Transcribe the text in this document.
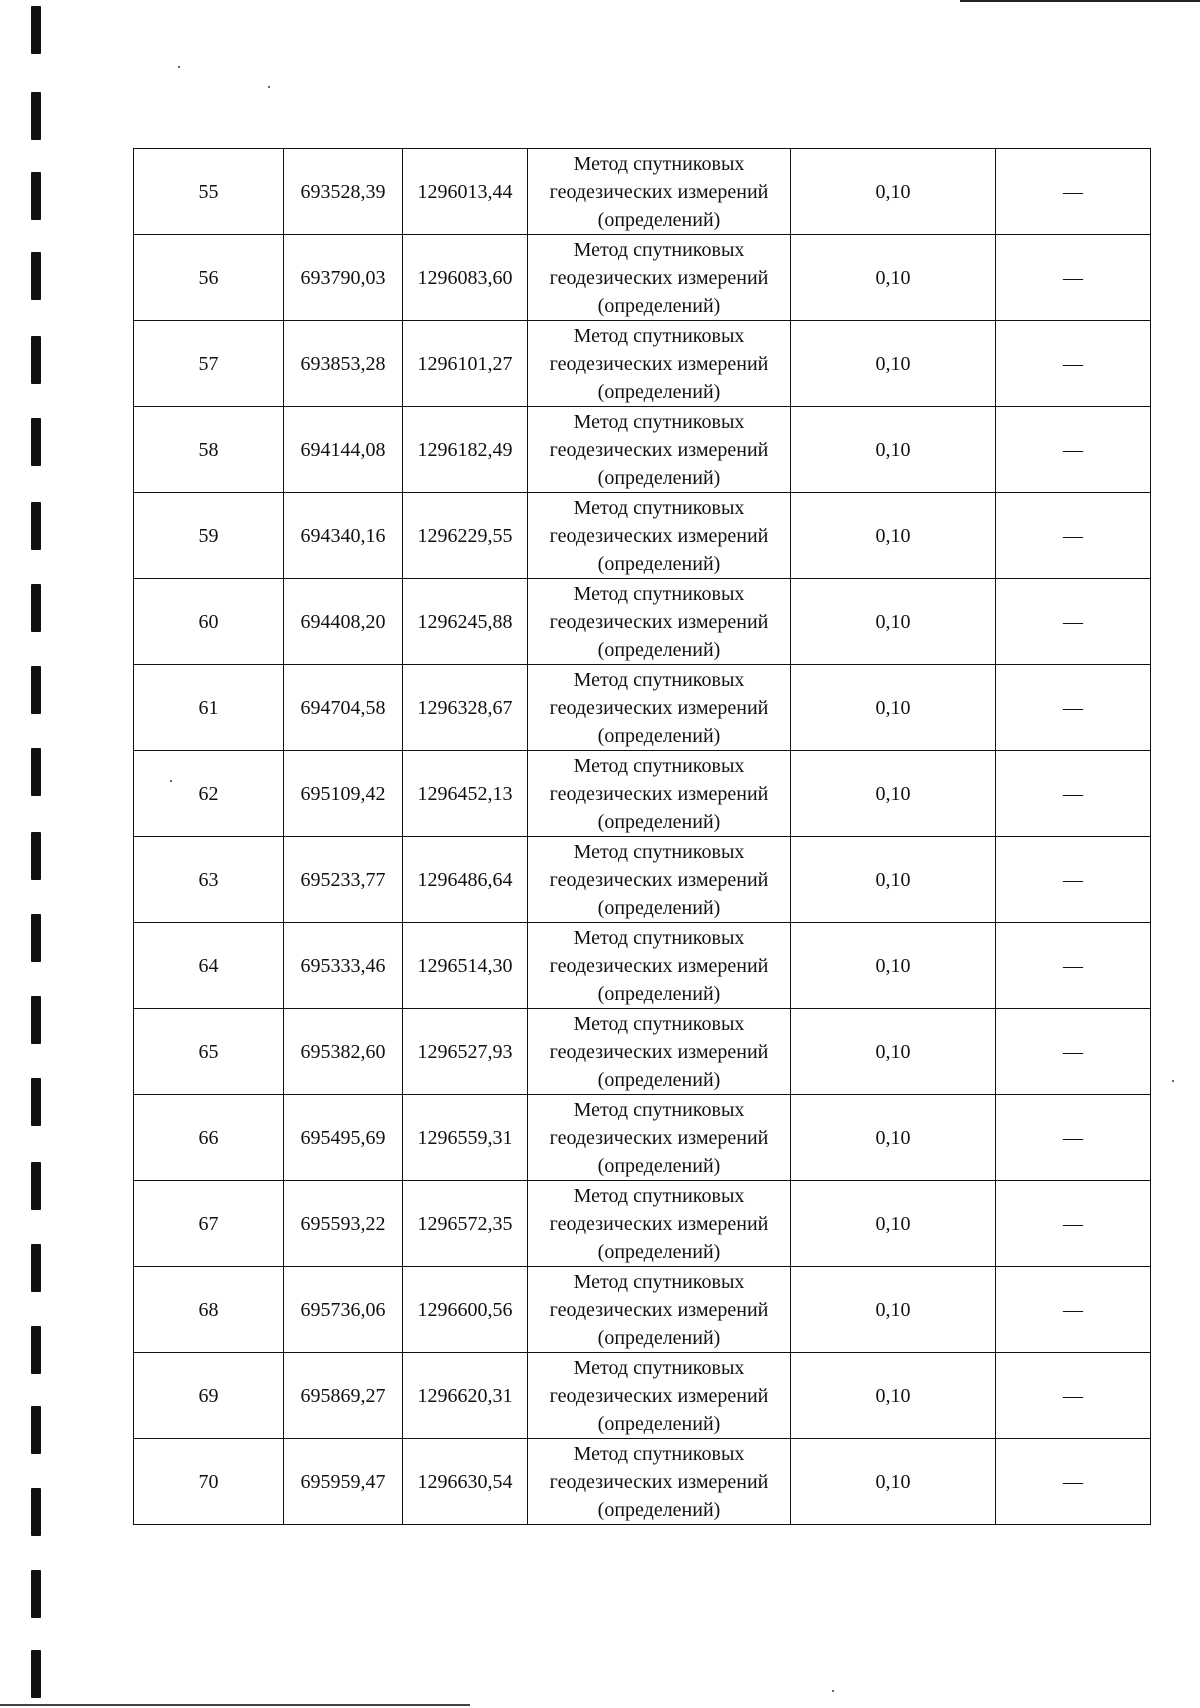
55	693528,39	1296013,44	Метод спутниковых
геодезических измерений
(определений)	0,10	—
56	693790,03	1296083,60	Метод спутниковых
геодезических измерений
(определений)	0,10	—
57	693853,28	1296101,27	Метод спутниковых
геодезических измерений
(определений)	0,10	—
58	694144,08	1296182,49	Метод спутниковых
геодезических измерений
(определений)	0,10	—
59	694340,16	1296229,55	Метод спутниковых
геодезических измерений
(определений)	0,10	—
60	694408,20	1296245,88	Метод спутниковых
геодезических измерений
(определений)	0,10	—
61	694704,58	1296328,67	Метод спутниковых
геодезических измерений
(определений)	0,10	—
62	695109,42	1296452,13	Метод спутниковых
геодезических измерений
(определений)	0,10	—
63	695233,77	1296486,64	Метод спутниковых
геодезических измерений
(определений)	0,10	—
64	695333,46	1296514,30	Метод спутниковых
геодезических измерений
(определений)	0,10	—
65	695382,60	1296527,93	Метод спутниковых
геодезических измерений
(определений)	0,10	—
66	695495,69	1296559,31	Метод спутниковых
геодезических измерений
(определений)	0,10	—
67	695593,22	1296572,35	Метод спутниковых
геодезических измерений
(определений)	0,10	—
68	695736,06	1296600,56	Метод спутниковых
геодезических измерений
(определений)	0,10	—
69	695869,27	1296620,31	Метод спутниковых
геодезических измерений
(определений)	0,10	—
70	695959,47	1296630,54	Метод спутниковых
геодезических измерений
(определений)	0,10	—
